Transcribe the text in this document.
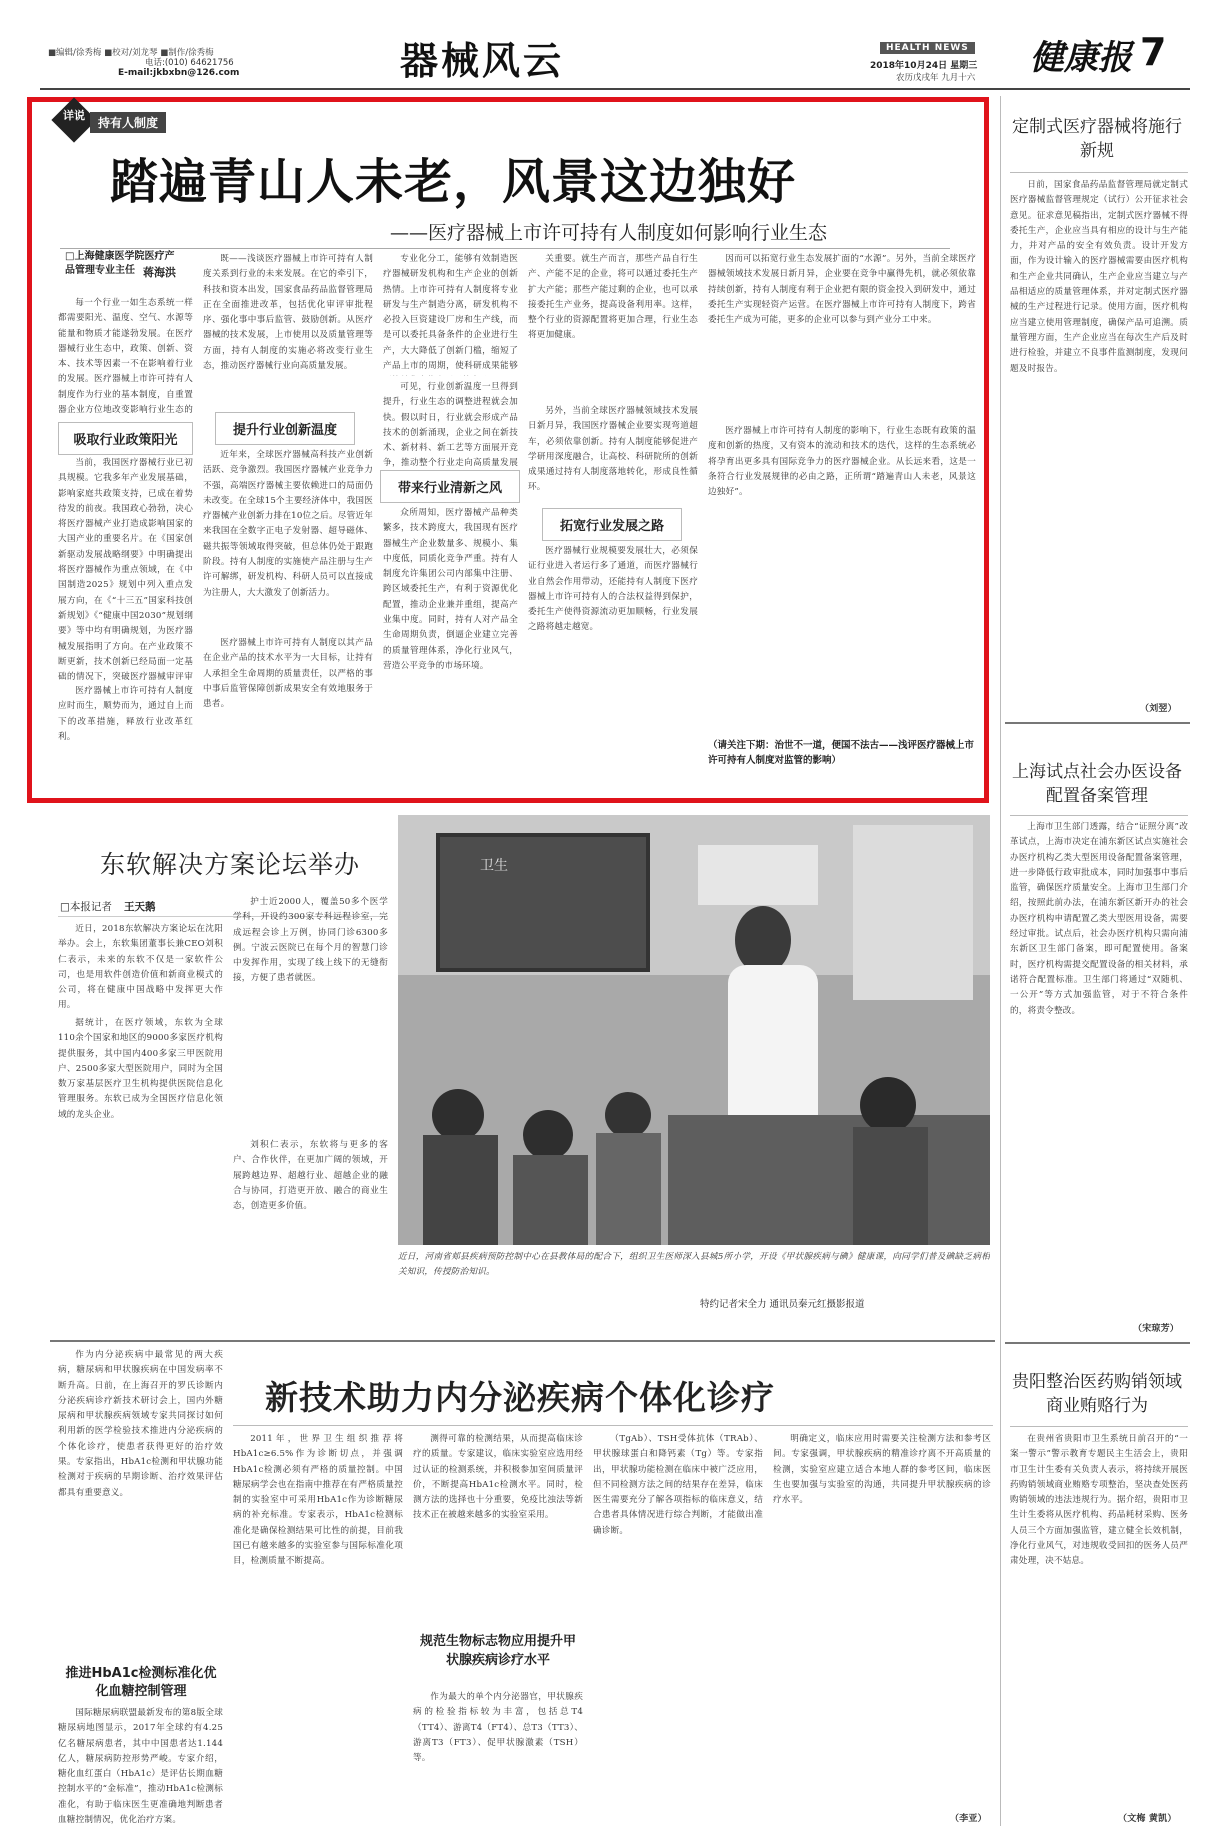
■编辑/徐秀梅 ■校对/刘龙琴 ■制作/徐秀梅
电话:(010) 64621756
E-mail:jkbxbn@126.com	器械风云	HEALTH NEWS
2018年10月24日 星期三
农历戊戌年 九月十六 健康报 7
详说
持有人制度
踏遍青山人未老，风景这边独好
——医疗器械上市许可持有人制度如何影响行业生态
□上海健康医学院医疗产品管理专业主任 蒋海洪

每一个行业一如生态系统一样都需要阳光、温度、空气、水源等能量和物质才能遂勃发展。在医疗器械行业生态中，政策、创新、资本、技术等因素一不在影响着行业的发展。医疗器械上市许可持有人制度作为行业的基本制度，自重置器企业方位地改变影响行业生态的

吸取行业政策阳光

当前，我国医疗器械行业已初具规模。它我多年产业发展基础，影响家庭共政策支持，已成在着势待发的前夜。我国政心勃勃，决心将医疗器械产业打造成影响国家的大国产业的重要名片。在《国家创新驱动发展战略纲要》中明确提出将医疗器械作为重点领域，在《中国制造2025》规划中列入重点发展方向，在《“十三五”国家科技创新规划》《“健康中国2030”规划纲要》等中均有明确规划，为医疗器械发展指明了方向。在产业政策不断更新，技术创新已经局面一定基础的情况下，突破医疗器械审评审

医疗器械上市许可持有人制度应时而生，顺势而为，通过自上而下的改革措施，释放行业改革红利。

既——浅谈医疗器械上市许可持有人制度关系到行业的未来发展。在它的牵引下，科技和资本出发，国家食品药品监督管理局正在全面推进改革，包括优化审评审批程序、强化事中事后监管、鼓励创新。从医疗器械的技术发展，上市使用以及质量管理等方面，持有人制度的实施必将改变行业生态，推动医疗器械行业向高质量发展。

提升行业创新温度

近年来，全球医疗器械高科技产业创新活跃、竞争激烈。我国医疗器械产业竞争力不强，高端医疗器械主要依赖进口的局面仍未改变。在全球15个主要经济体中，我国医疗器械产业创新力排在10位之后。尽管近年来我国在全数字正电子发射器、超导磁体、磁共振等领域取得突破，但总体仍处于跟跑阶段。持有人制度的实施使产品注册与生产许可解绑，研发机构、科研人员可以直接成为注册人，大大激发了创新活力。

医疗器械上市许可持有人制度以其产品在企业产品的技术水平为一大目标，让持有人承担全生命周期的质量责任，以严格的事中事后监管保障创新成果安全有效地服务于患者。

专业化分工，能够有效制造医疗器械研发机构和生产企业的创新热情。上市许可持有人制度将专业研发与生产制造分离，研发机构不必投入巨资建设厂房和生产线，而是可以委托具备条件的企业进行生产，大大降低了创新门槛，缩短了产品上市的周期，使科研成果能够

可见，行业创新温度一旦得到提升，行业生态的调整进程就会加快。假以时日，行业就会形成产品技术的创新涌现，企业之间在新技术、新材料、新工艺等方面展开竞争，推动整个行业走向高质量发展

带来行业清新之风

众所周知，医疗器械产品种类繁多，技术跨度大，我国现有医疗器械生产企业数量多、规模小、集中度低，同质化竞争严重。持有人制度允许集团公司内部集中注册、跨区域委托生产，有利于资源优化配置，推动企业兼并重组，提高产业集中度。同时，持有人对产品全生命周期负责，倒逼企业建立完善的质量管理体系，净化行业风气，营造公平竞争的市场环境。

关重要。就生产而言，那些产品自行生产、产能不足的企业，将可以通过委托生产扩大产能；那些产能过剩的企业，也可以承接委托生产业务，提高设备利用率。这样，整个行业的资源配置将更加合理，行业生态将更加健康。

另外，当前全球医疗器械领域技术发展日新月异，我国医疗器械企业要实现弯道超车，必须依靠创新。持有人制度能够促进产学研用深度融合，让高校、科研院所的创新成果通过持有人制度落地转化，形成良性循环。

拓宽行业发展之路

医疗器械行业规模要发展壮大，必须保证行业进入者运行多了通道，而医疗器械行业自然会作用带动，还能持有人制度下医疗器械上市许可持有人的合法权益得到保护，委托生产使得资源流动更加顺畅，行业发展之路将越走越宽。

因而可以拓宽行业生态发展扩面的“水源”。另外，当前全球医疗器械领域技术发展日新月异，企业要在竞争中赢得先机，就必须依靠持续创新，持有人制度有利于企业把有限的资金投入到研发中，通过委托生产实现轻资产运营。在医疗器械上市许可持有人制度下，跨省委托生产成为可能，更多的企业可以参与到产业分工中来。

医疗器械上市许可持有人制度的影响下，行业生态既有政策的温度和创新的热度，又有资本的流动和技术的迭代，这样的生态系统必将孕育出更多具有国际竞争力的医疗器械企业。从长远来看，这是一条符合行业发展规律的必由之路，正所谓“踏遍青山人未老，风景这边独好”。

（请关注下期：治世不一道，便国不法古——浅评医疗器械上市许可持有人制度对监管的影响）
定制式医疗器械将施行新规

日前，国家食品药品监督管理局就定制式医疗器械监督管理规定（试行）公开征求社会意见。征求意见稿指出，定制式医疗器械不得委托生产，企业应当具有相应的设计与生产能力，并对产品的安全有效负责。设计开发方面，作为设计输入的医疗器械需要由医疗机构和生产企业共同确认，生产企业应当建立与产品相适应的质量管理体系，并对定制式医疗器械的生产过程进行记录。使用方面，医疗机构应当建立使用管理制度，确保产品可追溯。质量管理方面，生产企业应当在每次生产后及时进行检验，并建立不良事件监测制度，发现问题及时报告。

（刘翌）
上海试点社会办医设备配置备案管理

上海市卫生部门透露，结合“证照分离”改革试点，上海市决定在浦东新区试点实施社会办医疗机构乙类大型医用设备配置备案管理，进一步降低行政审批成本，同时加强事中事后监管，确保医疗质量安全。上海市卫生部门介绍，按照此前办法，在浦东新区新开办的社会办医疗机构申请配置乙类大型医用设备，需要经过审批。试点后，社会办医疗机构只需向浦东新区卫生部门备案，即可配置使用。备案时，医疗机构需提交配置设备的相关材料，承诺符合配置标准。卫生部门将通过“双随机、一公开”等方式加强监管，对于不符合条件的，将责令整改。

（宋琼芳）
贵阳整治医药购销领域商业贿赂行为

在贵州省贵阳市卫生系统日前召开的“一案一警示”警示教育专题民主生活会上，贵阳市卫生计生委有关负责人表示，将持续开展医药购销领域商业贿赂专项整治，坚决查处医药购销领域的违法违规行为。据介绍，贵阳市卫生计生委将从医疗机构、药品耗材采购、医务人员三个方面加强监管，建立健全长效机制，净化行业风气，对违规收受回扣的医务人员严肃处理，决不姑息。

（文梅 黄凯）
东软解决方案论坛举办
□本报记者 王天鹅

近日，2018东软解决方案论坛在沈阳举办。会上，东软集团董事长兼CEO刘积仁表示，未来的东软不仅是一家软件公司，也是用软件创造价值和新商业模式的公司，将在健康中国战略中发挥更大作用。

据统计，在医疗领域，东软为全球110余个国家和地区的9000多家医疗机构提供服务，其中国内400多家三甲医院用户、2500多家大型医院用户，同时为全国数万家基层医疗卫生机构提供医院信息化管理服务。东软已成为全国医疗信息化领域的龙头企业。

护士近2000人，覆盖50多个医学学科，开设约300家专科远程诊室，完成远程会诊上万例，协同门诊6300多例。宁波云医院已在每个月的智慧门诊中发挥作用，实现了线上线下的无缝衔接，方便了患者就医。

刘积仁表示，东软将与更多的客户、合作伙伴，在更加广阔的领域，开展跨越边界、超越行业、超越企业的融合与协同，打造更开放、融合的商业生态，创造更多价值。

卫生
近日，河南省郏县疾病预防控制中心在县教体局的配合下，组织卫生医师深入县城5所小学，开设《甲状腺疾病与碘》健康课，向同学们普及碘缺乏病相关知识，传授防治知识。
特约记者宋全力 通讯员秦元红摄影报道

作为内分泌疾病中最常见的两大疾病，糖尿病和甲状腺疾病在中国发病率不断升高。日前，在上海召开的罗氏诊断内分泌疾病诊疗新技术研讨会上，国内外糖尿病和甲状腺疾病领域专家共同探讨如何利用新的医学检验技术推进内分泌疾病的个体化诊疗，使患者获得更好的治疗效果。专家指出，HbA1c检测和甲状腺功能检测对于疾病的早期诊断、治疗效果评估都具有重要意义。

推进HbA1c检测标准化优化血糖控制管理

国际糖尿病联盟最新发布的第8版全球糖尿病地图显示，2017年全球约有4.25亿名糖尿病患者，其中中国患者达1.144亿人，糖尿病防控形势严峻。专家介绍，糖化血红蛋白（HbA1c）是评估长期血糖控制水平的“金标准”，推动HbA1c检测标准化，有助于临床医生更准确地判断患者血糖控制情况，优化治疗方案。

新技术助力内分泌疾病个体化诊疗

2011年，世界卫生组织推荐将HbA1c≥6.5%作为诊断切点，并强调HbA1c检测必须有严格的质量控制。中国糖尿病学会也在指南中推荐在有严格质量控制的实验室中可采用HbA1c作为诊断糖尿病的补充标准。专家表示，HbA1c检测标准化是确保检测结果可比性的前提，目前我国已有越来越多的实验室参与国际标准化项目，检测质量不断提高。

测得可靠的检测结果，从而提高临床诊疗的质量。专家建议，临床实验室应选用经过认证的检测系统，并积极参加室间质量评价，不断提高HbA1c检测水平。同时，检测方法的选择也十分重要，免疫比浊法等新技术正在被越来越多的实验室采用。

规范生物标志物应用提升甲状腺疾病诊疗水平

作为最大的单个内分泌器官，甲状腺疾病的检验指标较为丰富，包括总T4（TT4）、游离T4（FT4）、总T3（TT3）、游离T3（FT3）、促甲状腺激素（TSH）等。

（TgAb）、TSH受体抗体（TRAb）、甲状腺球蛋白和降钙素（Tg）等。专家指出，甲状腺功能检测在临床中被广泛应用，但不同检测方法之间的结果存在差异，临床医生需要充分了解各项指标的临床意义，结合患者具体情况进行综合判断，才能做出准确诊断。

明确定义，临床应用时需要关注检测方法和参考区间。专家强调，甲状腺疾病的精准诊疗离不开高质量的检测，实验室应建立适合本地人群的参考区间，临床医生也要加强与实验室的沟通，共同提升甲状腺疾病的诊疗水平。

（李亚）
